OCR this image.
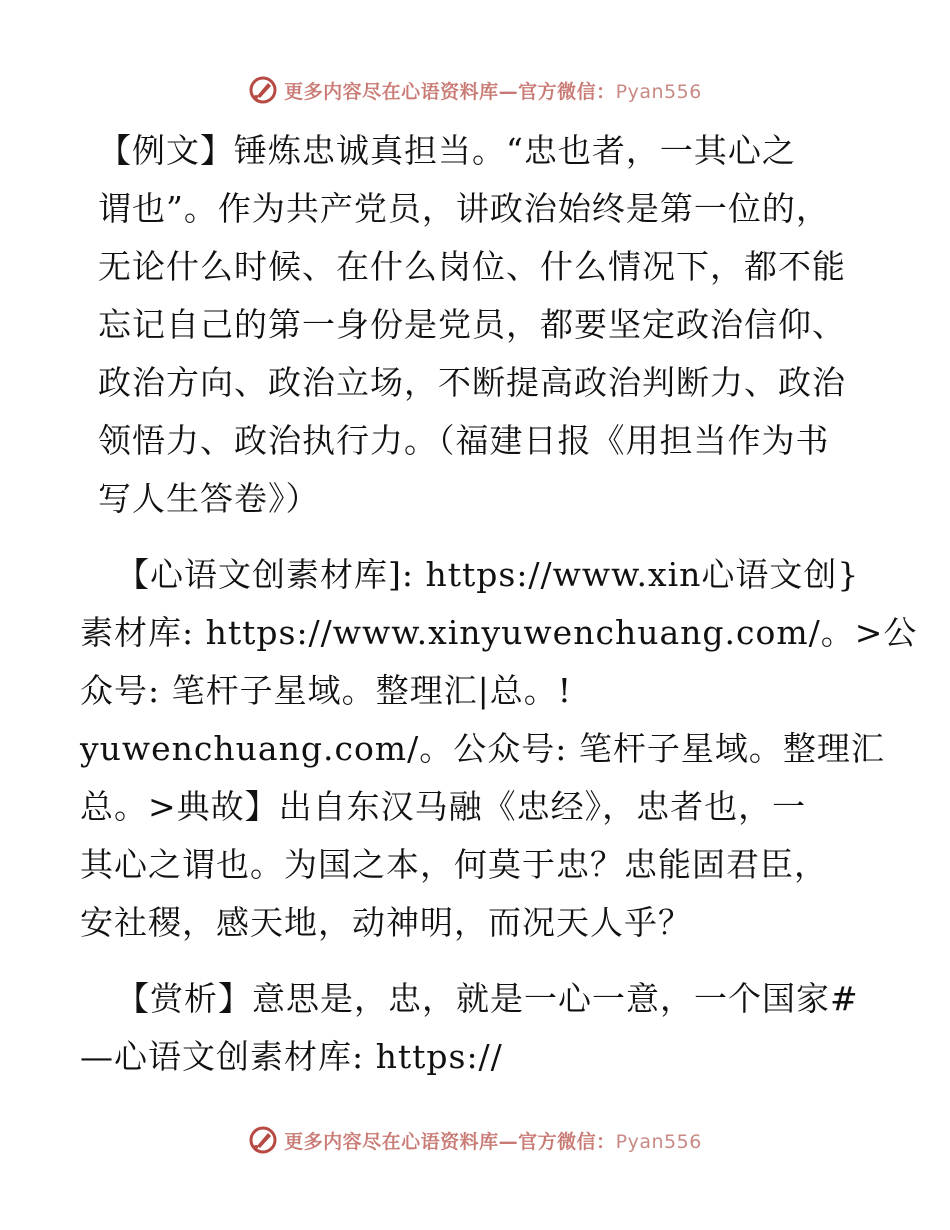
更多内容尽在心语资料库—官方微信：Pyan556

【例文】锤炼忠诚真担当。“忠也者，一其心之
谓也”。作为共产党员，讲政治始终是第一位的，
无论什么时候、在什么岗位、什么情况下，都不能
忘记自己的第一身份是党员，都要坚定政治信仰、
政治方向、政治立场，不断提高政治判断力、政治
领悟力、政治执行力。（福建日报《用担当作为书
写人生答卷》）

【心语文创素材库]: https://www.xin心语文创}
素材库: https://www.xinyuwenchuang.com/。>公
众号: 笔杆子星域。整理汇|总。!
yuwenchuang.com/。公众号: 笔杆子星域。整理汇
总。>典故】出自东汉马融《忠经》，忠者也，一
其心之谓也。为国之本，何莫于忠？忠能固君臣，
安社稷，感天地，动神明，而况天人乎？

【赏析】意思是，忠，就是一心一意，一个国家#
—心语文创素材库: https://

更多内容尽在心语资料库—官方微信：Pyan556
